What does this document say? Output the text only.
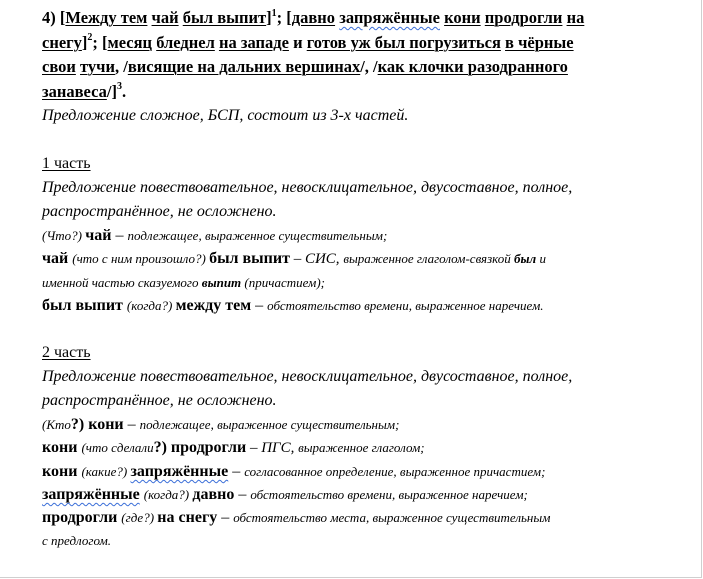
4) [Между тем чай был выпит]$^1$; [давно запряжённые кони продрогли на

снегу]$^2$; [месяц бледнел на западе и готов уж был погрузиться в чёрные

свои тучи, /висящие на дальних вершинах/, /как клочки разодранного

занавеса/]$^3$.

Предложение сложное, БСП, состоит из 3-х частей.

1 часть

Предложение повествовательное, невосклицательное, двусоставное, полное,

распространённое, не осложнено.

(Что?) чай – подлежащее, выраженное существительным;

чай (что с ним произошло?) был выпит – СИС, выраженное глаголом-связкой был и

именной частью сказуемого выпит (причастием);

был выпит (когда?) между тем – обстоятельство времени, выраженное наречием.

2 часть

Предложение повествовательное, невосклицательное, двусоставное, полное,

распространённое, не осложнено.

(Кто?) кони – подлежащее, выраженное существительным;

кони (что сделали?) продрогли – ПГС, выраженное глаголом;

кони (какие?) запряжённые – согласованное определение, выраженное причастием;

запряжённые (когда?) давно – обстоятельство времени, выраженное наречием;

продрогли (где?) на снегу – обстоятельство места, выраженное существительным

с предлогом.
